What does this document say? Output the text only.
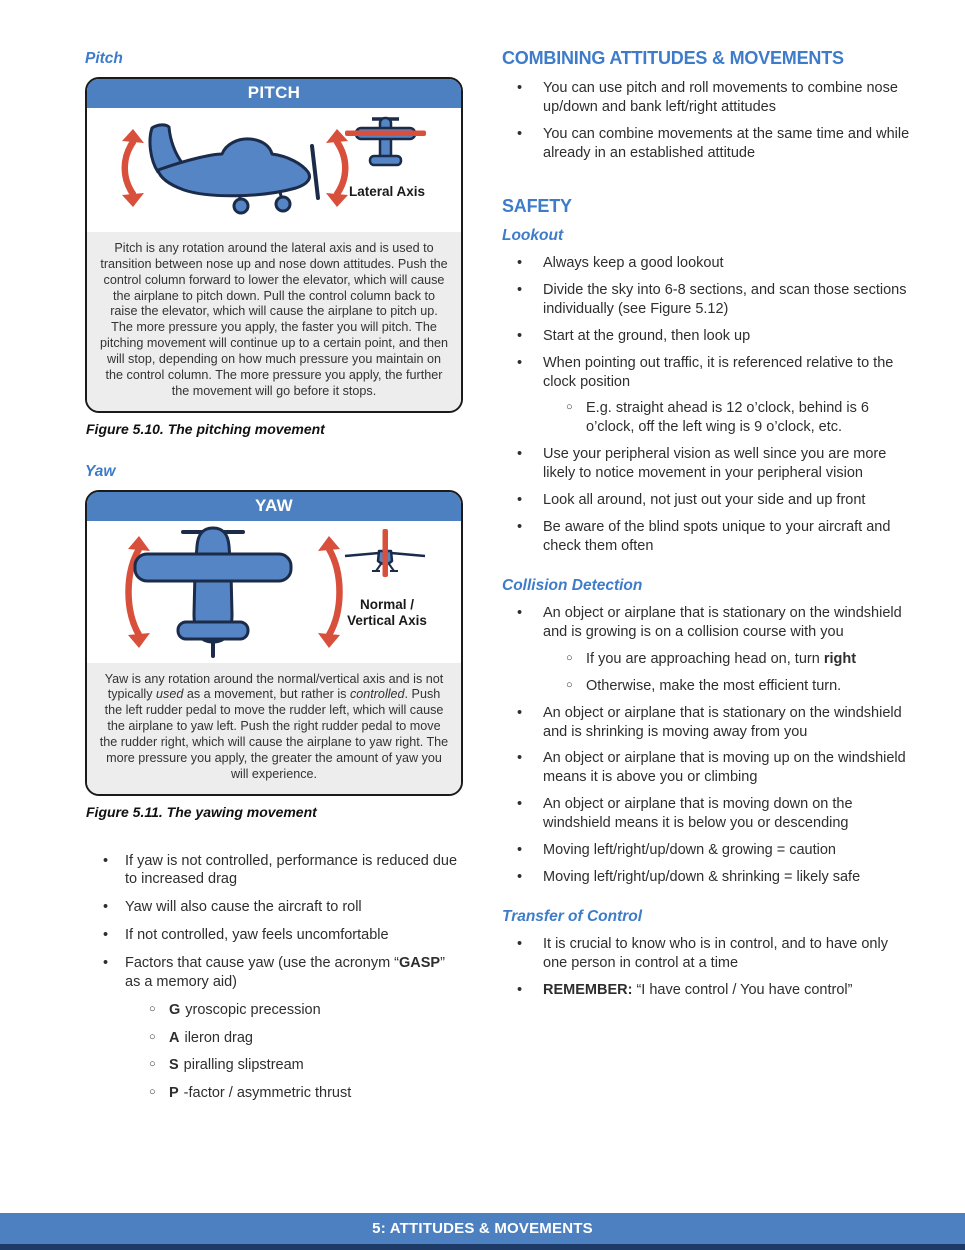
Pitch
PITCH
Lateral Axis
Pitch is any rotation around the lateral axis and is used to transition between nose up and nose down attitudes. Push the control column forward to lower the elevator, which will cause the airplane to pitch down. Pull the control column back to raise the elevator, which will cause the airplane to pitch up. The more pressure you apply, the faster you will pitch. The pitching movement will continue up to a certain point, and then will stop, depending on how much pressure you maintain on the control column. The more pressure you apply, the further the movement will go before it stops.
Figure 5.10. The pitching movement
Yaw
YAW
Normal /
Vertical Axis
Yaw is any rotation around the normal/vertical axis and is not typically used as a movement, but rather is controlled. Push the left rudder pedal to move the rudder left, which will cause the airplane to yaw left. Push the right rudder pedal to move the rudder right, which will cause the airplane to yaw right. The more pressure you apply, the greater the amount of yaw you will experience.
Figure 5.11. The yawing movement
• If yaw is not controlled, performance is reduced due to increased drag
• Yaw will also cause the aircraft to roll
• If not controlled, yaw feels uncomfortable
• Factors that cause yaw (use the acronym “GASP” as a memory aid)
○ G yroscopic precession
○ A ileron drag
○ S piralling slipstream
○ P -factor / asymmetric thrust
COMBINING ATTITUDES & MOVEMENTS
• You can use pitch and roll movements to combine nose up/down and bank left/right attitudes
• You can combine movements at the same time and while already in an established attitude
SAFETY
Lookout
• Always keep a good lookout
• Divide the sky into 6-8 sections, and scan those sections individually (see Figure 5.12)
• Start at the ground, then look up
• When pointing out traffic, it is referenced relative to the clock position
○ E.g. straight ahead is 12 o’clock, behind is 6 o’clock, off the left wing is 9 o’clock, etc.
• Use your peripheral vision as well since you are more likely to notice movement in your peripheral vision
• Look all around, not just out your side and up front
• Be aware of the blind spots unique to your aircraft and check them often
Collision Detection
• An object or airplane that is stationary on the windshield and is growing is on a collision course with you
○ If you are approaching head on, turn right
○ Otherwise, make the most efficient turn.
• An object or airplane that is stationary on the windshield and is shrinking is moving away from you
• An object or airplane that is moving up on the windshield means it is above you or climbing
• An object or airplane that is moving down on the windshield means it is below you or descending
• Moving left/right/up/down & growing = caution
• Moving left/right/up/down & shrinking = likely safe
Transfer of Control
• It is crucial to know who is in control, and to have only one person in control at a time
• REMEMBER: “I have control / You have control”
5: ATTITUDES & MOVEMENTS
